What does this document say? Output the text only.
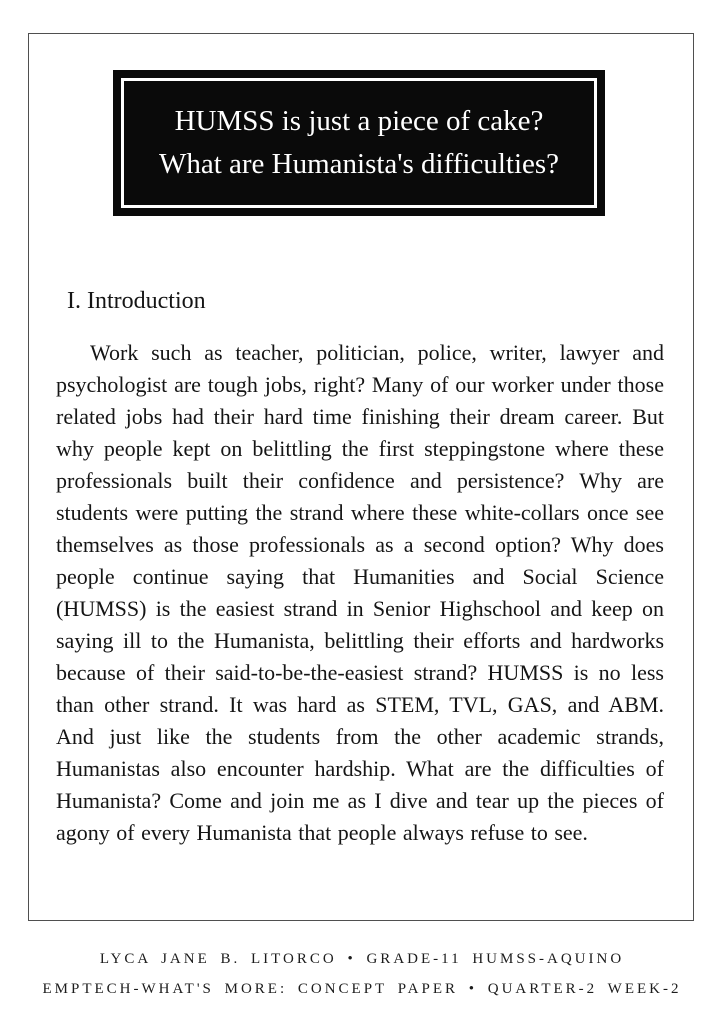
HUMSS is just a piece of cake?
What are Humanista's difficulties?
I. Introduction

Work such as teacher, politician, police, writer, lawyer and psychologist are tough jobs, right? Many of our worker under those related jobs had their hard time finishing their dream career. But why people kept on belittling the first steppingstone where these professionals built their confidence and persistence? Why are students were putting the strand where these white-collars once see themselves as those professionals as a second option? Why does people continue saying that Humanities and Social Science (HUMSS) is the easiest strand in Senior Highschool and keep on saying ill to the Humanista, belittling their efforts and hardworks because of their said-to-be-the-easiest strand? HUMSS is no less than other strand. It was hard as STEM, TVL, GAS, and ABM. And just like the students from the other academic strands, Humanistas also encounter hardship. What are the difficulties of Humanista? Come and join me as I dive and tear up the pieces of agony of every Humanista that people always refuse to see.

LYCA JANE B. LITORCO • GRADE-11 HUMSS-AQUINO
EMPTECH-WHAT'S MORE: CONCEPT PAPER • QUARTER-2 WEEK-2
